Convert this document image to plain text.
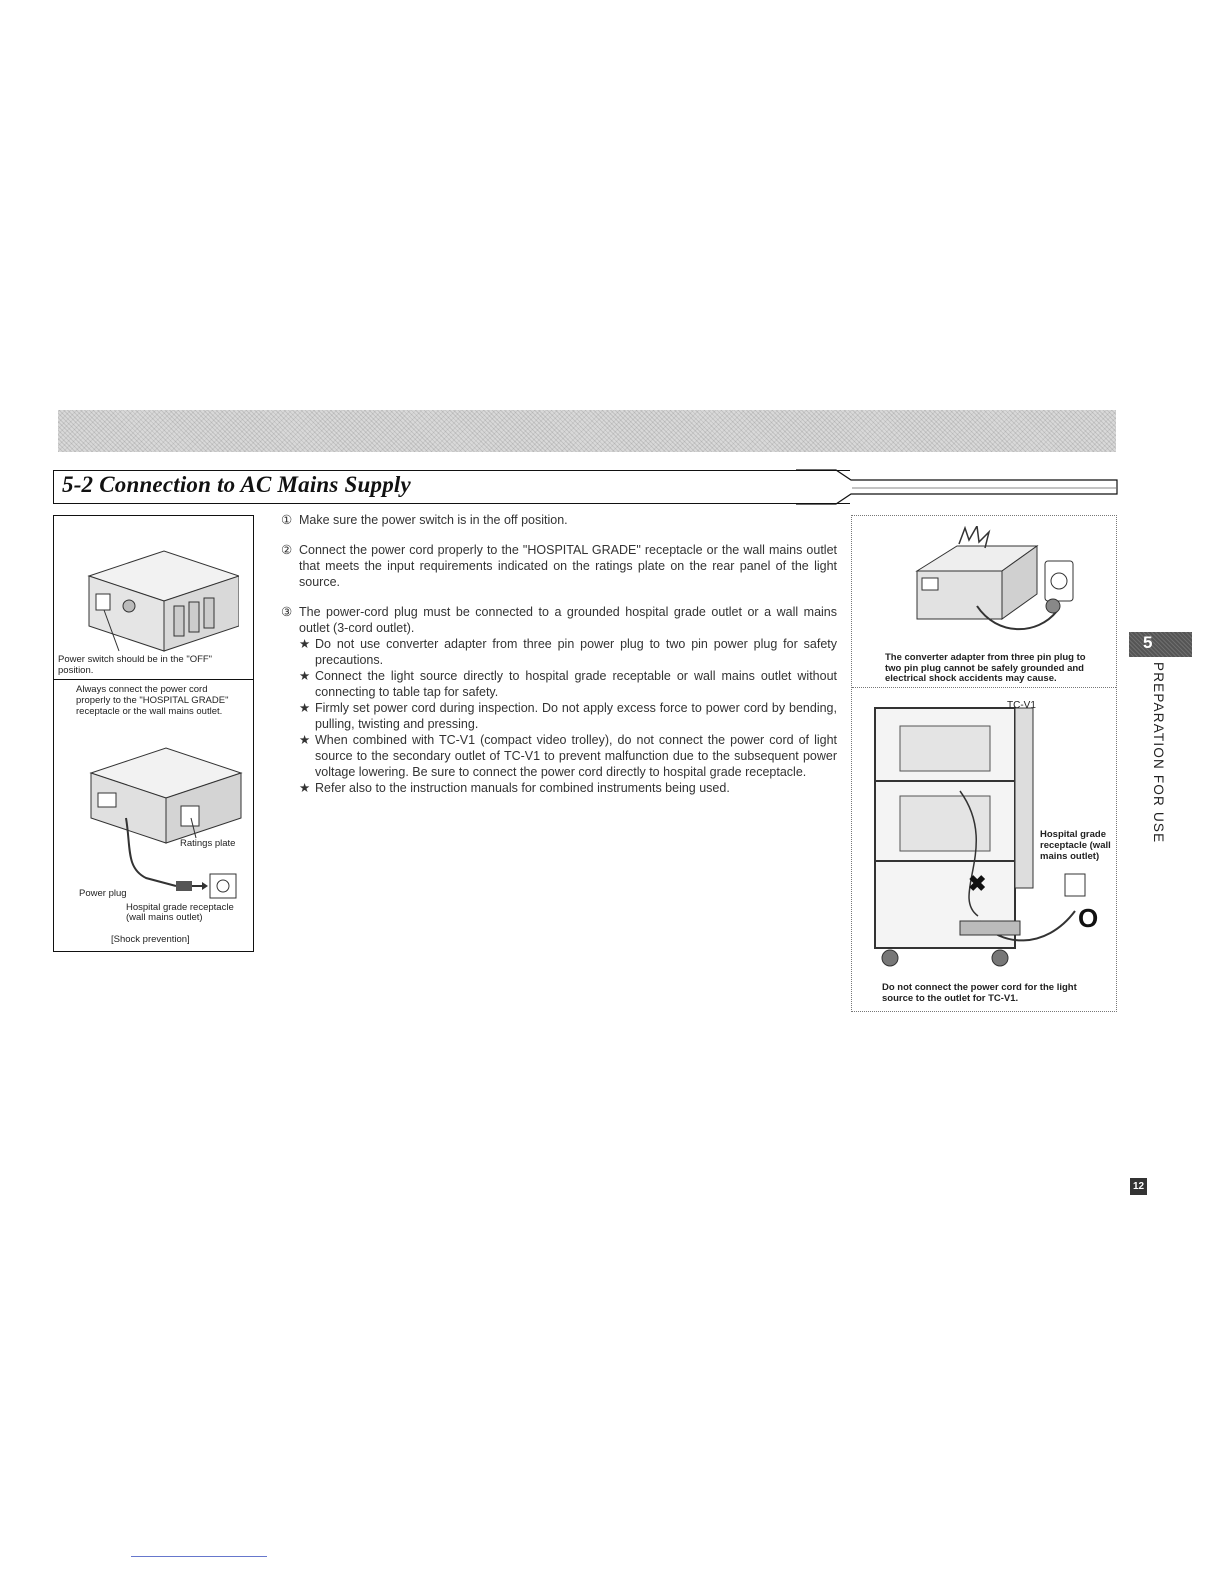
5-2 Connection to AC Mains Supply
Power switch should be in the "OFF" position.
Always connect the power cord properly to the "HOSPITAL GRADE" receptacle or the wall mains outlet.
Ratings plate
Power plug
Hospital grade receptacle
(wall mains outlet)
[Shock prevention]

① Make sure the power switch is in the off position.

② Connect the power cord properly to the "HOSPITAL GRADE" receptacle or the wall mains outlet that meets the input requirements indicated on the ratings plate on the rear panel of the light source.

③ The power-cord plug must be connected to a grounded hospital grade outlet or a wall mains outlet (3-cord outlet).

★ Do not use converter adapter from three pin power plug to two pin power plug for safety precautions.

★ Connect the light source directly to hospital grade receptable or wall mains outlet without connecting to table tap for safety.

★ Firmly set power cord during inspection. Do not apply excess force to power cord by bending, pulling, twisting and pressing.

★ When combined with TC-V1 (compact video trolley), do not connect the power cord of light source to the secondary outlet of TC-V1 to prevent malfunction due to the subsequent power voltage lowering. Be sure to connect the power cord directly to hospital grade receptacle.

★ Refer also to the instruction manuals for combined instruments being used.

The converter adapter from three pin plug to two pin plug cannot be safely grounded and electrical shock accidents may cause.
TC-V1
Hospital grade receptacle (wall mains outlet)
✖
O
Do not connect the power cord for the light source to the outlet for TC-V1.
5
PREPARATION FOR USE
12
